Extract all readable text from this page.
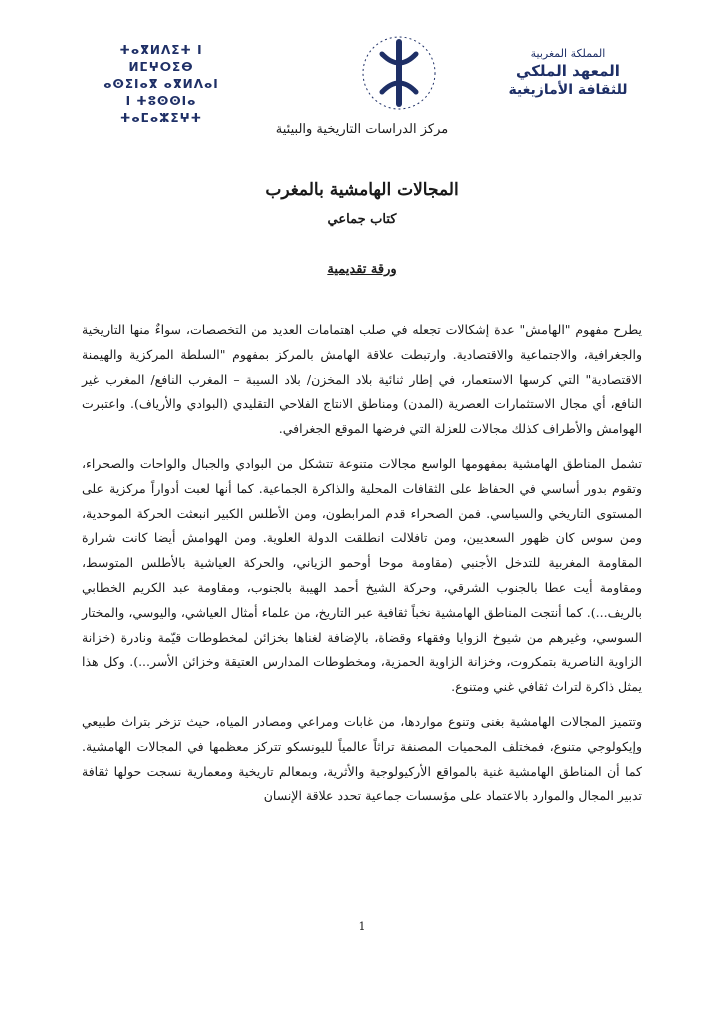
ⵜⴰⴳⵍⴷⵉⵜ ⵏ ⵍⵎⵖⵔⵉⴱ
ⴰⵙⵉⵏⴰⴳ ⴰⴳⵍⴷⴰⵏ
ⵏ ⵜⵓⵙⵙⵏⴰ ⵜⴰⵎⴰⵣⵉⵖⵜ
المملكة المغربية
المعهد الملكي
للثقافة الأمازيغية
مركز الدراسات التاريخية والبيئية
المجالات الهامشية بالمغرب
كتاب جماعي
ورقة تقديمية

يطرح مفهوم "الهامش" عدة إشكالات تجعله في صلب اهتمامات العديد من التخصصات، سواءٌ منها التاريخية والجغرافية، والاجتماعية والاقتصادية. وارتبطت علاقة الهامش بالمركز بمفهوم "السلطة المركزية والهيمنة الاقتصادية" التي كرسها الاستعمار، في إطار ثنائية بلاد المخزن/ بلاد السيبة – المغرب النافع/ المغرب غير النافع، أي مجال الاستثمارات العصرية (المدن) ومناطق الانتاج الفلاحي التقليدي (البوادي والأرياف). واعتبرت الهوامش والأطراف كذلك مجالات للعزلة التي فرضها الموقع الجغرافي.

تشمل المناطق الهامشية بمفهومها الواسع مجالات متنوعة تتشكل من البوادي والجبال والواحات والصحراء، وتقوم بدور أساسي في الحفاظ على الثقافات المحلية والذاكرة الجماعية. كما أنها لعبت أدواراً مركزية على المستوى التاريخي والسياسي. فمن الصحراء قدم المرابطون، ومن الأطلس الكبير انبعثت الحركة الموحدية، ومن سوس كان ظهور السعديين، ومن تافلالت انطلقت الدولة العلوية. ومن الهوامش أيضا كانت شرارة المقاومة المغربية للتدخل الأجنبي (مقاومة موحا أوحمو الزياني، والحركة العياشية بالأطلس المتوسط، ومقاومة أيت عطا بالجنوب الشرقي، وحركة الشيخ أحمد الهيبة بالجنوب، ومقاومة عبد الكريم الخطابي بالريف...). كما أنتجت المناطق الهامشية نخباً ثقافية عبر التاريخ، من علماء أمثال العياشي، واليوسي، والمختار السوسي، وغيرهم من شيوخ الزوايا وفقهاء وقضاة، بالإضافة لغناها بخزائن لمخطوطات قيّمة ونادرة (خزانة الزاوية الناصرية بتمكروت، وخزانة الزاوية الحمزية، ومخطوطات المدارس العتيقة وخزائن الأسر...). وكل هذا يمثل ذاكرة لتراث ثقافي غني ومتنوع.

وتتميز المجالات الهامشية بغنى وتنوع مواردها، من غابات ومراعي ومصادر المياه، حيث تزخر بتراث طبيعي وإيكولوجي متنوع، فمختلف المحميات المصنفة تراثاً عالمياً لليونسكو تتركز معظمها في المجالات الهامشية. كما أن المناطق الهامشية غنية بالمواقع الأركيولوجية والأثرية، وبمعالم تاريخية ومعمارية نسجت حولها ثقافة تدبير المجال والموارد بالاعتماد على مؤسسات جماعية تحدد علاقة الإنسان

1
